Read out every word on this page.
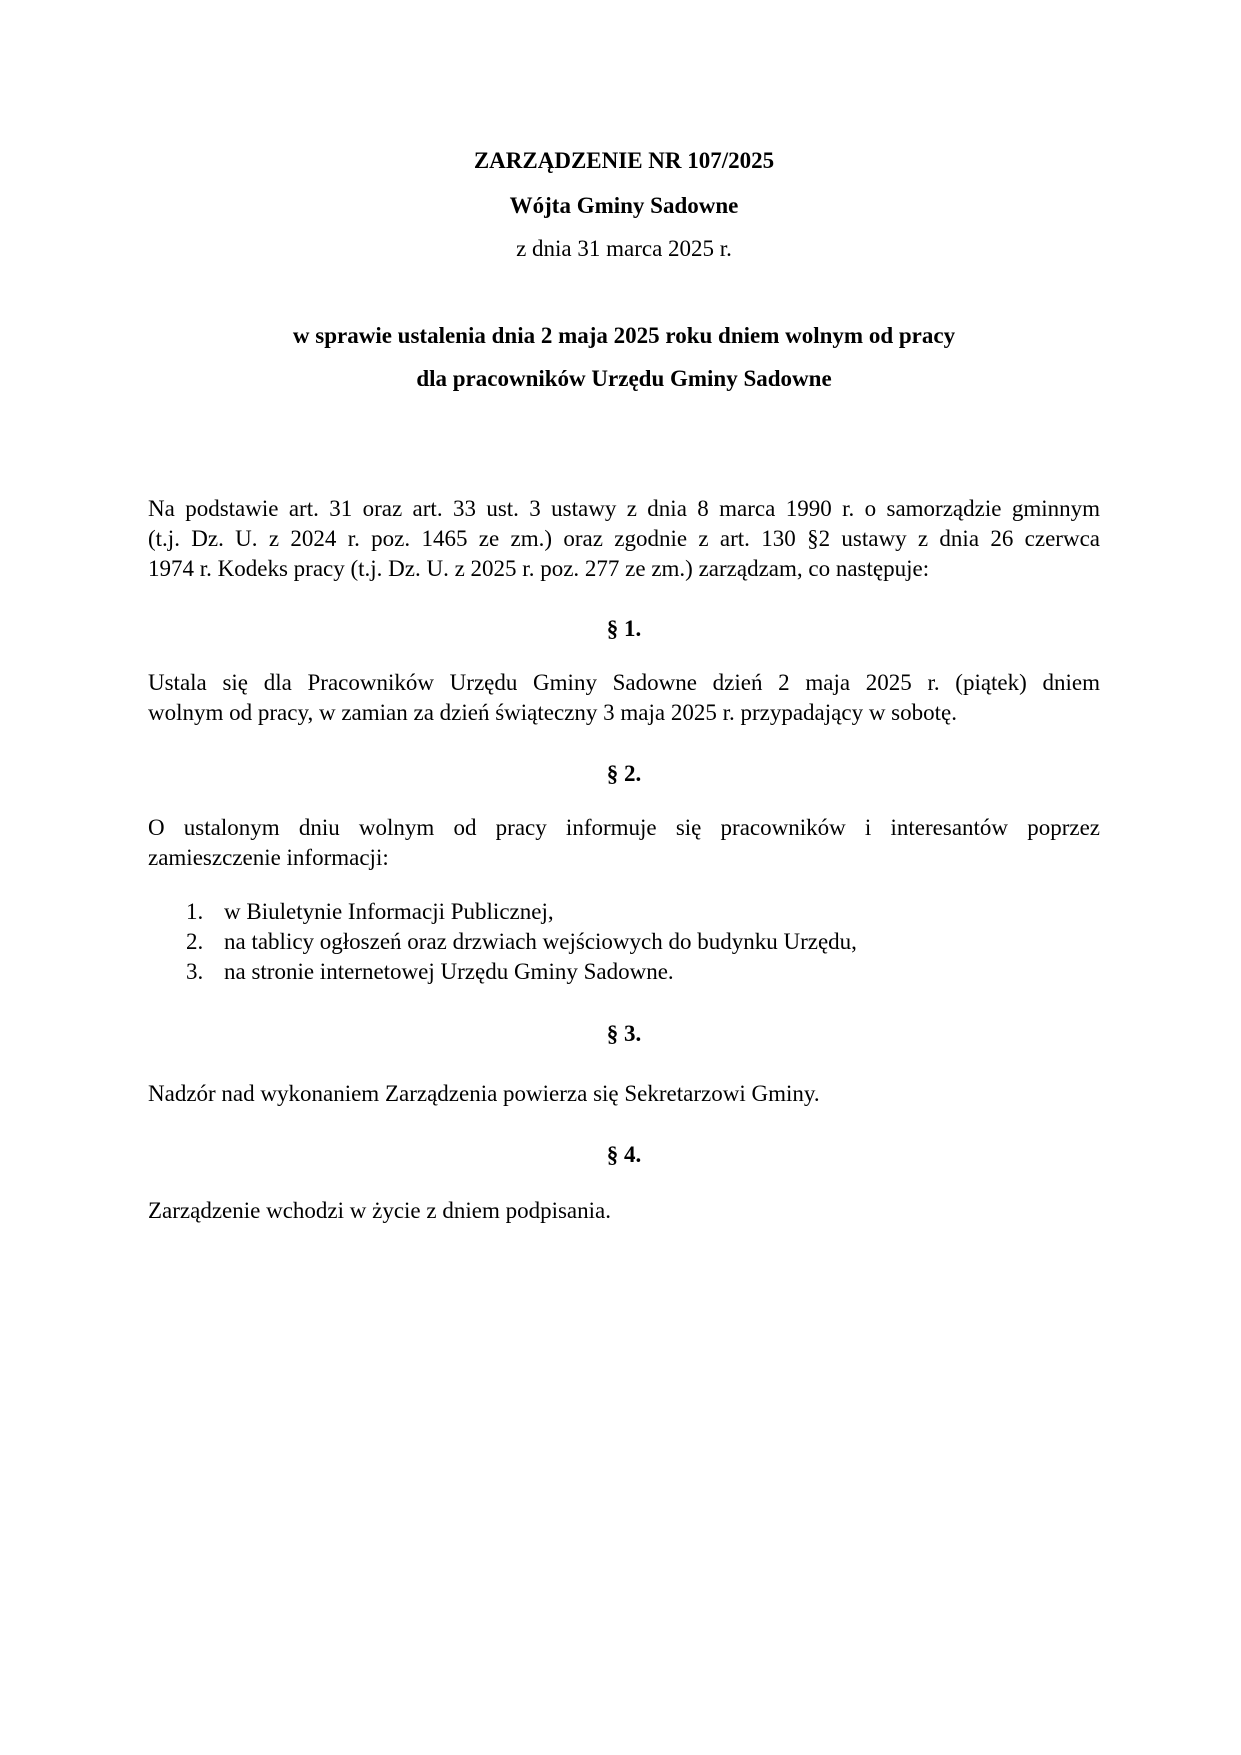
ZARZĄDZENIE NR 107/2025
Wójta Gminy Sadowne
z dnia 31 marca 2025 r.
w sprawie ustalenia dnia 2 maja 2025 roku dniem wolnym od pracy
dla pracowników Urzędu Gminy Sadowne
Na podstawie art. 31 oraz art. 33 ust. 3 ustawy z dnia 8 marca 1990 r. o samorządzie gminnym
(t.j. Dz. U. z 2024 r. poz. 1465 ze zm.) oraz zgodnie z art. 130 §2 ustawy z dnia 26 czerwca
1974 r. Kodeks pracy (t.j. Dz. U. z 2025 r. poz. 277 ze zm.) zarządzam, co następuje:
§ 1.
Ustala się dla Pracowników Urzędu Gminy Sadowne dzień 2 maja 2025 r. (piątek) dniem
wolnym od pracy, w zamian za dzień świąteczny 3 maja 2025 r. przypadający w sobotę.
§ 2.
O ustalonym dniu wolnym od pracy informuje się pracowników i interesantów poprzez
zamieszczenie informacji:
1. w Biuletynie Informacji Publicznej,
2. na tablicy ogłoszeń oraz drzwiach wejściowych do budynku Urzędu,
3. na stronie internetowej Urzędu Gminy Sadowne.
§ 3.
Nadzór nad wykonaniem Zarządzenia powierza się Sekretarzowi Gminy.
§ 4.
Zarządzenie wchodzi w życie z dniem podpisania.
